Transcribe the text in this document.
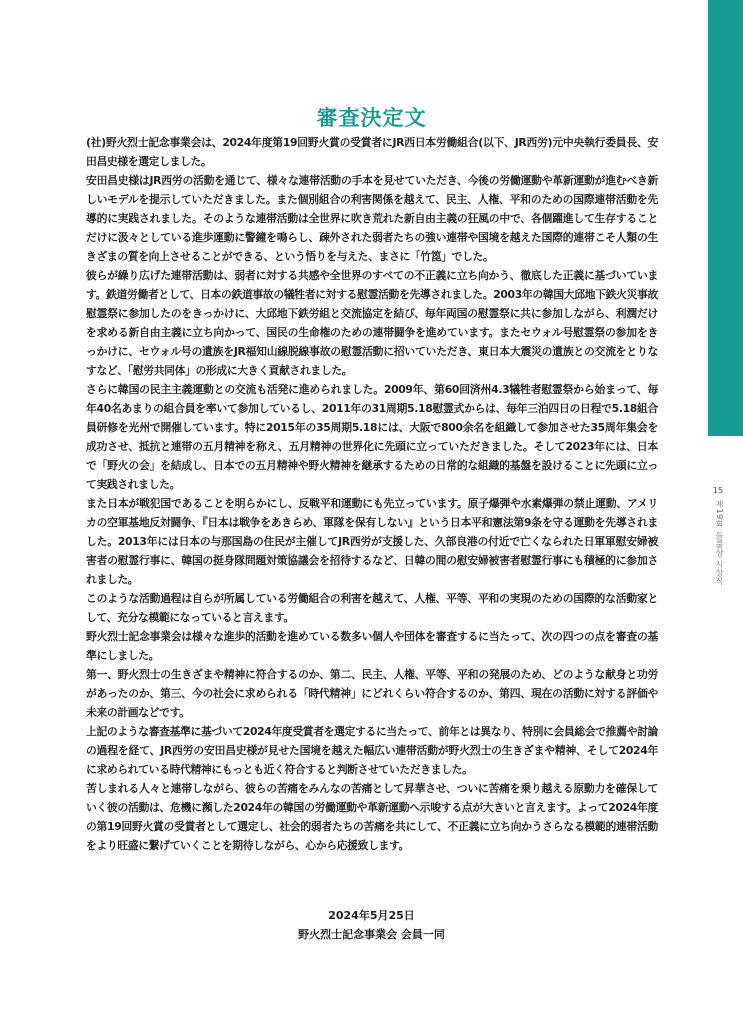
15
제19회 들불상 시상식
審査決定文

(社)野火烈士記念事業会は、2024年度第19回野火賞の受賞者にJR西日本労働組合(以下、JR西労)元中央執行委員長、安田昌史様を選定しました。

安田昌史様はJR西労の活動を通じて、様々な連帯活動の手本を見せていただき、今後の労働運動や革新運動が進むべき新しいモデルを提示していただきました。また個別組合の利害関係を越えて、民主、人権、平和のための国際連帯活動を先導的に実践されました。そのような連帯活動は全世界に吹き荒れた新自由主義の狂風の中で、各個躍進して生存することだけに汲々としている進歩運動に警鐘を鳴らし、疎外された弱者たちの強い連帯や国境を越えた国際的連帯こそ人類の生きざまの質を向上させることができる、という悟りを与えた、まさに「竹箆」でした。

彼らが繰り広げた連帯活動は、弱者に対する共感や全世界のすべての不正義に立ち向かう、徹底した正義に基づいています。鉄道労働者として、日本の鉄道事故の犠牲者に対する慰霊活動を先導されました。2003年の韓国大邱地下鉄火災事故慰霊祭に参加したのをきっかけに、大邱地下鉄労組と交流協定を結び、毎年両国の慰霊祭に共に参加しながら、利潤だけを求める新自由主義に立ち向かって、国民の生命権のための連帯闘争を進めています。またセウォル号慰霊祭の参加をきっかけに、セウォル号の遺族をJR福知山線脱線事故の慰霊活動に招いていただき、東日本大震災の遺族との交流をとりなすなど、「慰労共同体」の形成に大きく貢献されました。

さらに韓国の民主主義運動との交流も活発に進められました。2009年、第60回済州4.3犠牲者慰霊祭から始まって、毎年40名あまりの組合員を率いて参加しているし、2011年の31周期5.18慰霊式からは、毎年三泊四日の日程で5.18組合員研修を光州で開催しています。特に2015年の35周期5.18には、大阪で800余名を組織して参加させた35周年集会を成功させ、抵抗と連帯の五月精神を称え、五月精神の世界化に先頭に立っていただきました。そして2023年には、日本で「野火の会」を結成し、日本での五月精神や野火精神を継承するための日常的な組織的基盤を設けることに先頭に立って実践されました。

また日本が戦犯国であることを明らかにし、反戦平和運動にも先立っています。原子爆弾や水素爆弾の禁止運動、アメリカの空軍基地反対闘争、『日本は戦争をあきらめ、軍隊を保有しない』という日本平和憲法第9条を守る運動を先導されました。2013年には日本の与那国島の住民が主催してJR西労が支援した、久部良港の付近で亡くなられた日軍軍慰安婦被害者の慰霊行事に、韓国の挺身隊問題対策協議会を招待するなど、日韓の間の慰安婦被害者慰霊行事にも積極的に参加されました。

このような活動過程は自らが所属している労働組合の利害を越えて、人権、平等、平和の実現のための国際的な活動家として、充分な模範になっていると言えます。

野火烈士記念事業会は様々な進歩的活動を進めている数多い個人や団体を審査するに当たって、次の四つの点を審査の基準にしました。

第一、野火烈士の生きざまや精神に符合するのか、第二、民主、人権、平等、平和の発展のため、どのような献身と功労があったのか、第三、今の社会に求められる「時代精神」にどれくらい符合するのか、第四、現在の活動に対する評価や未来の計画などです。

上記のような審査基準に基づいて2024年度受賞者を選定するに当たって、前年とは異なり、特別に会員総会で推薦や討論の過程を経て、JR西労の安田昌史様が見せた国境を越えた幅広い連帯活動が野火烈士の生きざまや精神、そして2024年に求められている時代精神にもっとも近く符合すると判断させていただきました。

苦しまれる人々と連帯しながら、彼らの苦痛をみんなの苦痛として昇華させ、ついに苦痛を乗り越える原動力を確保していく彼の活動は、危機に瀕した2024年の韓国の労働運動や革新運動へ示唆する点が大きいと言えます。よって2024年度の第19回野火賞の受賞者として選定し、社会的弱者たちの苦痛を共にして、不正義に立ち向かうさらなる模範的連帯活動をより旺盛に繋げていくことを期待しながら、心から応援致します。

2024年5月25日
野火烈士記念事業会 会員一同
